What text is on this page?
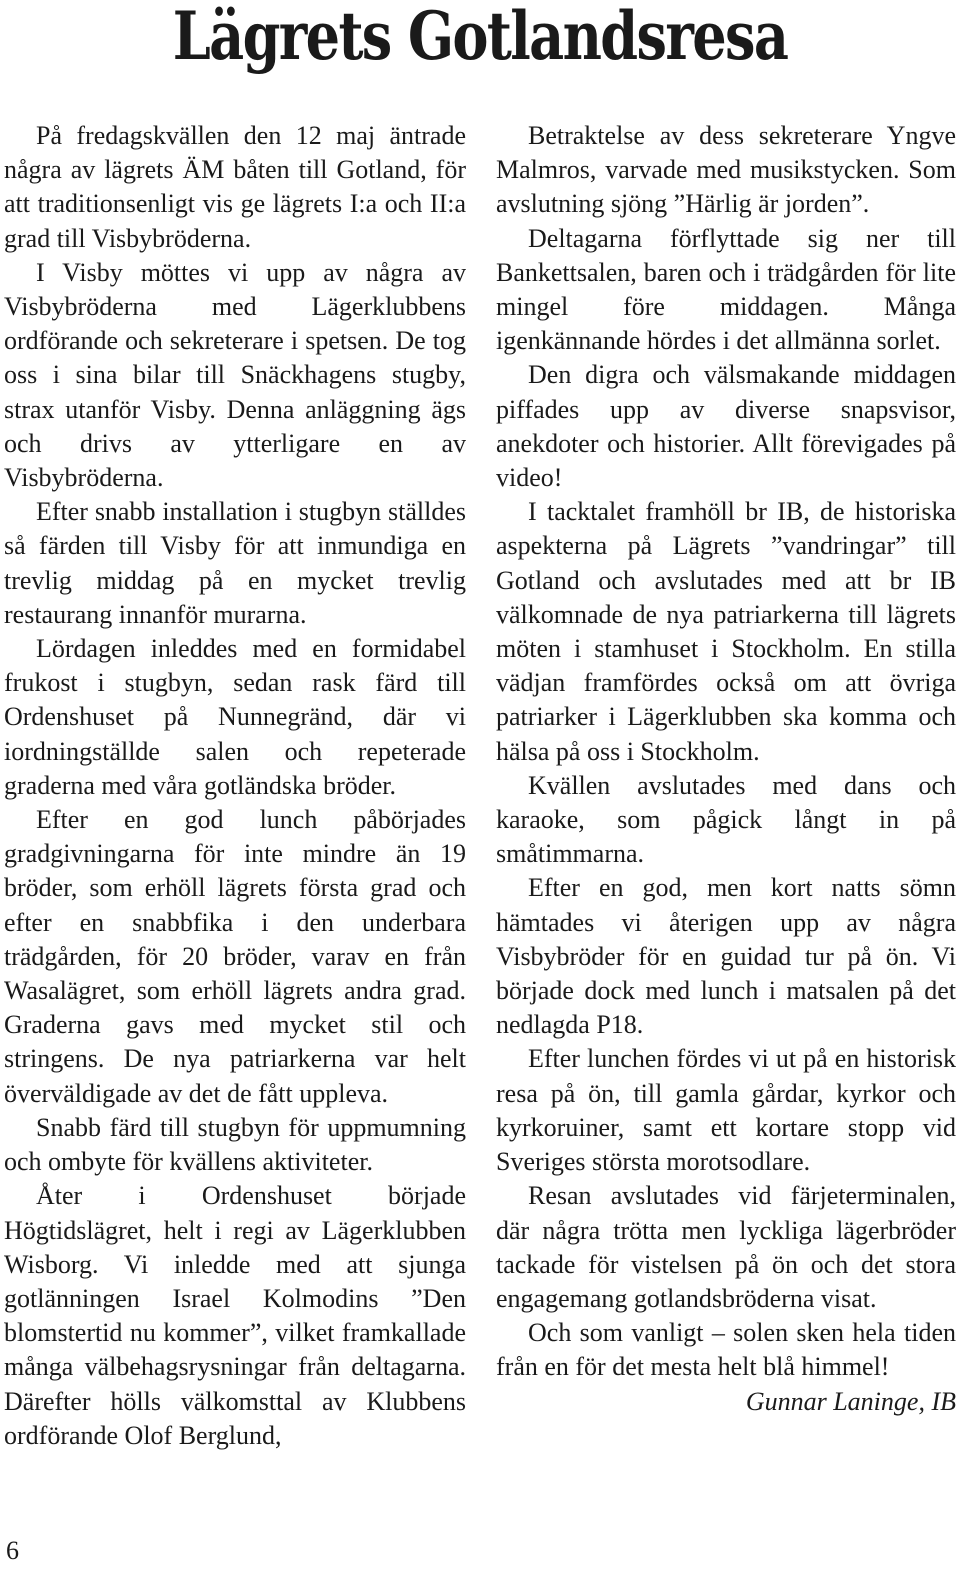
Lägrets Gotlandsresa

På fredagskvällen den 12 maj äntrade några av lägrets ÄM båten till Gotland, för att traditionsenligt vis ge lägrets I:a och II:a grad till Visbybröderna.

I Visby möttes vi upp av några av Visbybröderna med Lägerklubbens ordförande och sekreterare i spetsen. De tog oss i sina bilar till Snäckhagens stugby, strax utanför Visby. Denna anläggning ägs och drivs av ytterligare en av Visbybröderna.

Efter snabb installation i stugbyn ställdes så färden till Visby för att inmundiga en trevlig middag på en mycket trevlig restaurang innanför murarna.

Lördagen inleddes med en formidabel frukost i stugbyn, sedan rask färd till Ordenshuset på Nunnegränd, där vi iordningställde salen och repeterade graderna med våra gotländska bröder.

Efter en god lunch påbörjades gradgivningarna för inte mindre än 19 bröder, som erhöll lägrets första grad och efter en snabbfika i den underbara trädgården, för 20 bröder, varav en från Wasalägret, som erhöll lägrets andra grad. Graderna gavs med mycket stil och stringens. De nya patriarkerna var helt överväldigade av det de fått uppleva.

Snabb färd till stugbyn för uppmumning och ombyte för kvällens aktiviteter.

Åter i Ordenshuset började Högtidslägret, helt i regi av Lägerklubben Wisborg. Vi inledde med att sjunga gotlänningen Israel Kolmodins ”Den blomstertid nu kommer”, vilket framkallade många välbehagsrysningar från deltagarna. Därefter hölls välkomsttal av Klubbens ordförande Olof Berglund,

Betraktelse av dess sekreterare Yngve Malmros, varvade med musikstycken. Som avslutning sjöng ”Härlig är jorden”.

Deltagarna förflyttade sig ner till Bankettsalen, baren och i trädgården för lite mingel före middagen. Många igenkännande hördes i det allmänna sorlet.

Den digra och välsmakande middagen piffades upp av diverse snapsvisor, anekdoter och historier. Allt förevigades på video!

I tacktalet framhöll br IB, de historiska aspekterna på Lägrets ”vandringar” till Gotland och avslutades med att br IB välkomnade de nya patriarkerna till lägrets möten i stamhuset i Stockholm. En stilla vädjan framfördes också om att övriga patriarker i Lägerklubben ska komma och hälsa på oss i Stockholm.

Kvällen avslutades med dans och karaoke, som pågick långt in på småtimmarna.

Efter en god, men kort natts sömn hämtades vi återigen upp av några Visbybröder för en guidad tur på ön. Vi började dock med lunch i matsalen på det nedlagda P18.

Efter lunchen fördes vi ut på en historisk resa på ön, till gamla gårdar, kyrkor och kyrkoruiner, samt ett kortare stopp vid Sveriges största morotsodlare.

Resan avslutades vid färjeterminalen, där några trötta men lyckliga lägerbröder tackade för vistelsen på ön och det stora engagemang gotlandsbröderna visat.

Och som vanligt – solen sken hela tiden från en för det mesta helt blå himmel!

Gunnar Laninge, IB

6
